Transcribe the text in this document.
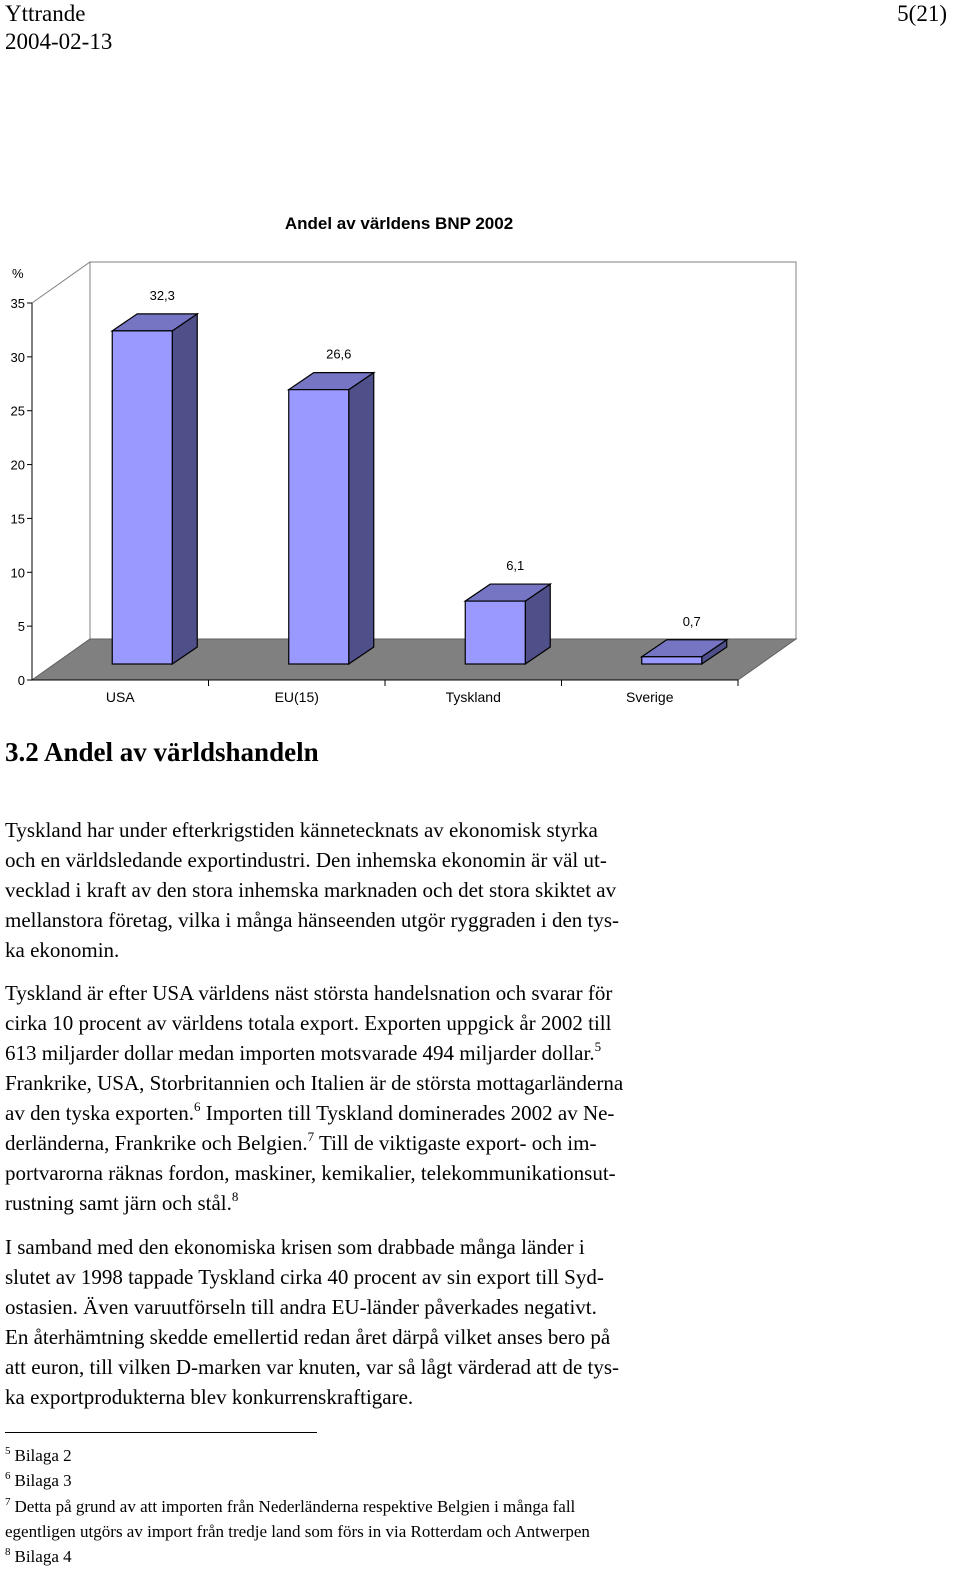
Yttrande
2004-02-13
5(21)
Andel av världens BNP 2002
%
0
5
10
15
20
25
30
35
32,3
26,6
6,1
0,7
USA	EU(15)	Tyskland	Sverige
3.2 Andel av världshandeln

Tyskland har under efterkrigstiden kännetecknats av ekonomisk styrka
och en världsledande exportindustri. Den inhemska ekonomin är väl ut-
vecklad i kraft av den stora inhemska marknaden och det stora skiktet av
mellanstora företag, vilka i många hänseenden utgör ryggraden i den tys-
ka ekonomin.

Tyskland är efter USA världens näst största handelsnation och svarar för
cirka 10 procent av världens totala export. Exporten uppgick år 2002 till
613 miljarder dollar medan importen motsvarade 494 miljarder dollar.$^5$
Frankrike, USA, Storbritannien och Italien är de största mottagarländerna
av den tyska exporten.$^6$ Importen till Tyskland dominerades 2002 av Ne-
derländerna, Frankrike och Belgien.$^7$ Till de viktigaste export- och im-
portvarorna räknas fordon, maskiner, kemikalier, telekommunikationsut-
rustning samt järn och stål.$^8$

I samband med den ekonomiska krisen som drabbade många länder i
slutet av 1998 tappade Tyskland cirka 40 procent av sin export till Syd-
ostasien. Även varuutförseln till andra EU-länder påverkades negativt.
En återhämtning skedde emellertid redan året därpå vilket anses bero på
att euron, till vilken D-marken var knuten, var så lågt värderad att de tys-
ka exportprodukterna blev konkurrenskraftigare.

$^5$ Bilaga 2

$^6$ Bilaga 3

$^7$ Detta på grund av att importen från Nederländerna respektive Belgien i många fall
egentligen utgörs av import från tredje land som förs in via Rotterdam och Antwerpen

$^8$ Bilaga 4
